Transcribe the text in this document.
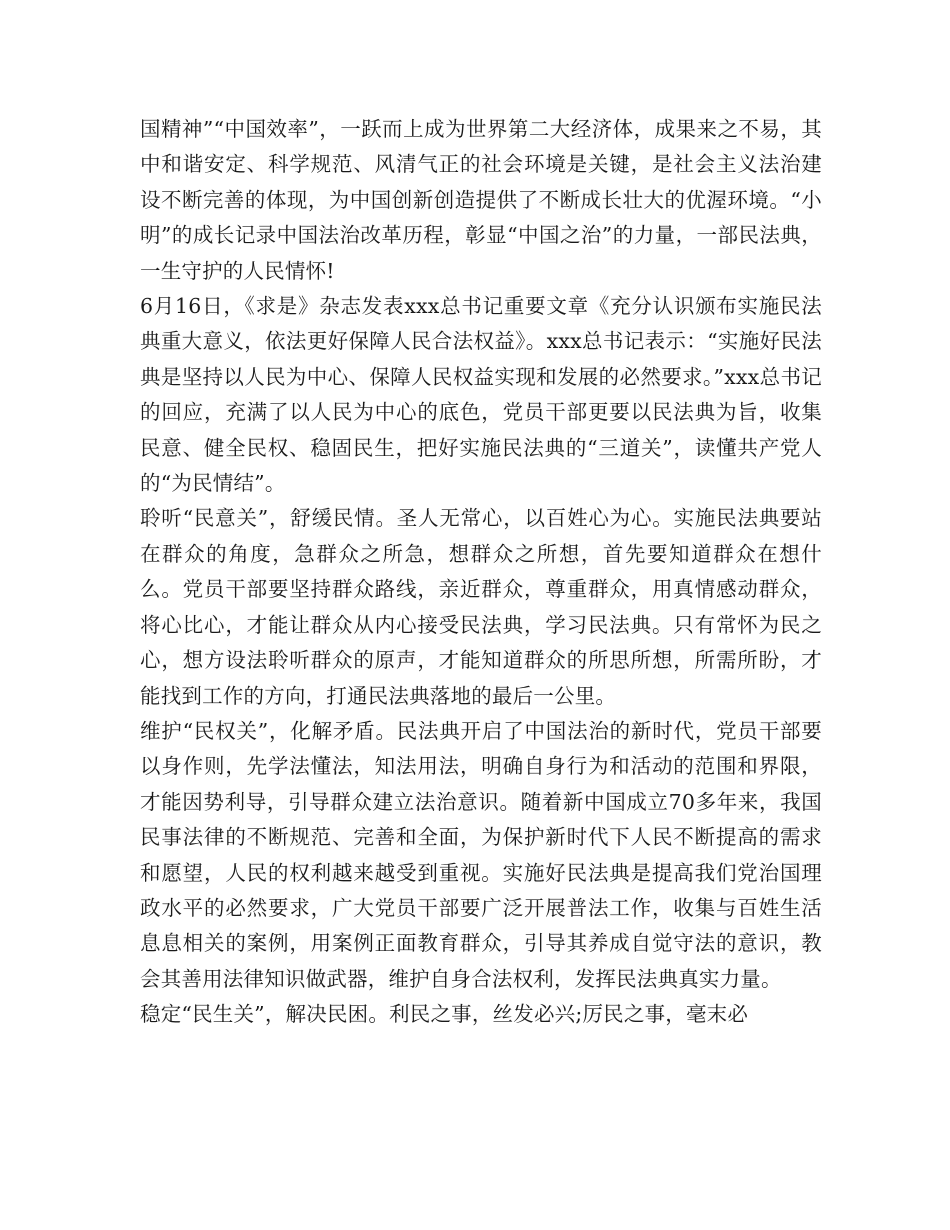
国精神”“中国效率”，一跃而上成为世界第二大经济体，成果来之不易，其中和谐安定、科学规范、风清气正的社会环境是关键，是社会主义法治建设不断完善的体现，为中国创新创造提供了不断成长壮大的优渥环境。“小明”的成长记录中国法治改革历程，彰显“中国之治”的力量，一部民法典，一生守护的人民情怀!

6月16日，《求是》杂志发表xxx总书记重要文章《充分认识颁布实施民法典重大意义，依法更好保障人民合法权益》。xxx总书记表示：“实施好民法典是坚持以人民为中心、保障人民权益实现和发展的必然要求。”xxx总书记的回应，充满了以人民为中心的底色，党员干部更要以民法典为旨，收集民意、健全民权、稳固民生，把好实施民法典的“三道关”，读懂共产党人的“为民情结”。

聆听“民意关”，舒缓民情。圣人无常心，以百姓心为心。实施民法典要站在群众的角度，急群众之所急，想群众之所想，首先要知道群众在想什么。党员干部要坚持群众路线，亲近群众，尊重群众，用真情感动群众，将心比心，才能让群众从内心接受民法典，学习民法典。只有常怀为民之心，想方设法聆听群众的原声，才能知道群众的所思所想，所需所盼，才能找到工作的方向，打通民法典落地的最后一公里。

维护“民权关”，化解矛盾。民法典开启了中国法治的新时代，党员干部要以身作则，先学法懂法，知法用法，明确自身行为和活动的范围和界限，才能因势利导，引导群众建立法治意识。随着新中国成立70多年来，我国民事法律的不断规范、完善和全面，为保护新时代下人民不断提高的需求和愿望，人民的权利越来越受到重视。实施好民法典是提高我们党治国理政水平的必然要求，广大党员干部要广泛开展普法工作，收集与百姓生活息息相关的案例，用案例正面教育群众，引导其养成自觉守法的意识，教会其善用法律知识做武器，维护自身合法权利，发挥民法典真实力量。

稳定“民生关”，解决民困。利民之事，丝发必兴;厉民之事，毫末必
